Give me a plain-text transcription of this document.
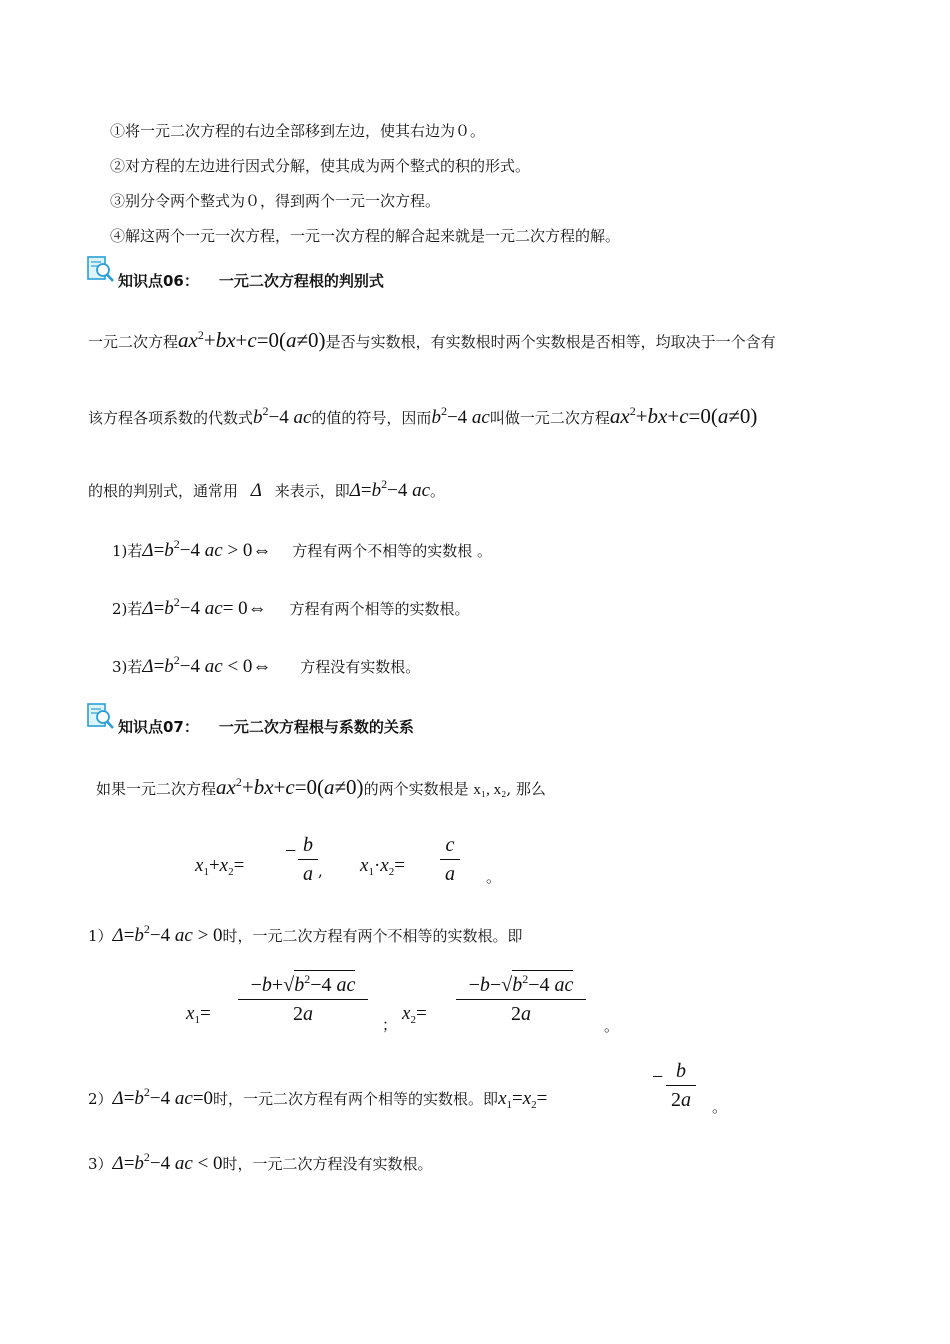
①将一元二次方程的右边全部移到左边，使其右边为０。
②对方程的左边进行因式分解，使其成为两个整式的积的形式。
③别分令两个整式为０，得到两个一元一次方程。
④解这两个一元一次方程，一元一次方程的解合起来就是一元二次方程的解。
知识点06： 一元二次方程根的判别式
一元二次方程$ax^2+bx+c=0(a\ne 0)$是否与实数根，有实数根时两个实数根是否相等，均取决于一个含有
该方程各项系数的代数式$b^2-4$ ac的值的符号，因而$b^2-4$ ac叫做一元二次方程$ax^2+bx+c=0(a\ne 0)$
的根的判别式，通常用 Δ 来表示，即$\Delta=b^2-4$ ac。
1)若$\Delta=b^2-4$ ac > 0⇔ 方程有两个不相等的实数根 。
2)若$\Delta=b^2-4$ ac= 0⇔ 方程有两个相等的实数根。
3)若$\Delta=b^2-4$ ac < 0⇔ 方程没有实数根。
知识点07： 一元二次方程根与系数的关系
如果一元二次方程$ax^2+bx+c=0(a\ne 0)$的两个实数根是 x₁, x₂, 那么
$x_1+x_2=$
− b
a , $x_1\cdot x_2=$
c
a	。
$1)\Delta=b^2-4$ ac > 0时，一元二次方程有两个不相等的实数根。即
$x_1=$
$-b+√b^2-4$ ac
2a	；
$x_2=$
$-b-√b^2-4$ ac
2a
。
$2)\Delta=b^2-4$ ac=0时，一元二次方程有两个相等的实数根。即$x_1=x_2=$
− b
2a	。
$3)\Delta=b^2-4$ ac < 0时，一元二次方程没有实数根。
